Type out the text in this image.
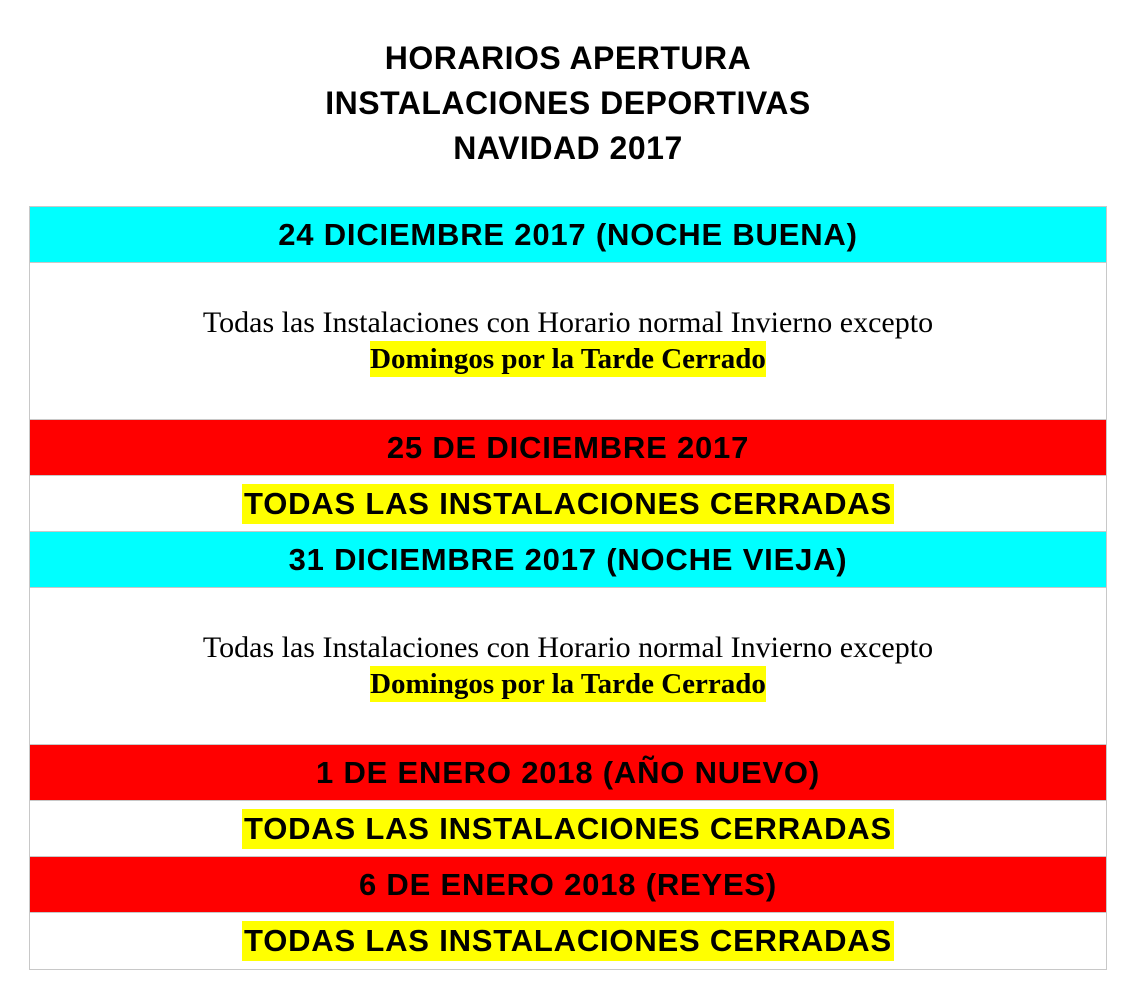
HORARIOS APERTURA
INSTALACIONES DEPORTIVAS
NAVIDAD 2017
24 DICIEMBRE 2017 (NOCHE BUENA)
Todas las Instalaciones con Horario normal Invierno excepto
Domingos por la Tarde Cerrado
25 DE DICIEMBRE 2017
TODAS LAS INSTALACIONES CERRADAS
31 DICIEMBRE 2017 (NOCHE VIEJA)
Todas las Instalaciones con Horario normal Invierno excepto
Domingos por la Tarde Cerrado
1 DE ENERO 2018 (AÑO NUEVO)
TODAS LAS INSTALACIONES CERRADAS
6 DE ENERO 2018 (REYES)
TODAS LAS INSTALACIONES CERRADAS
